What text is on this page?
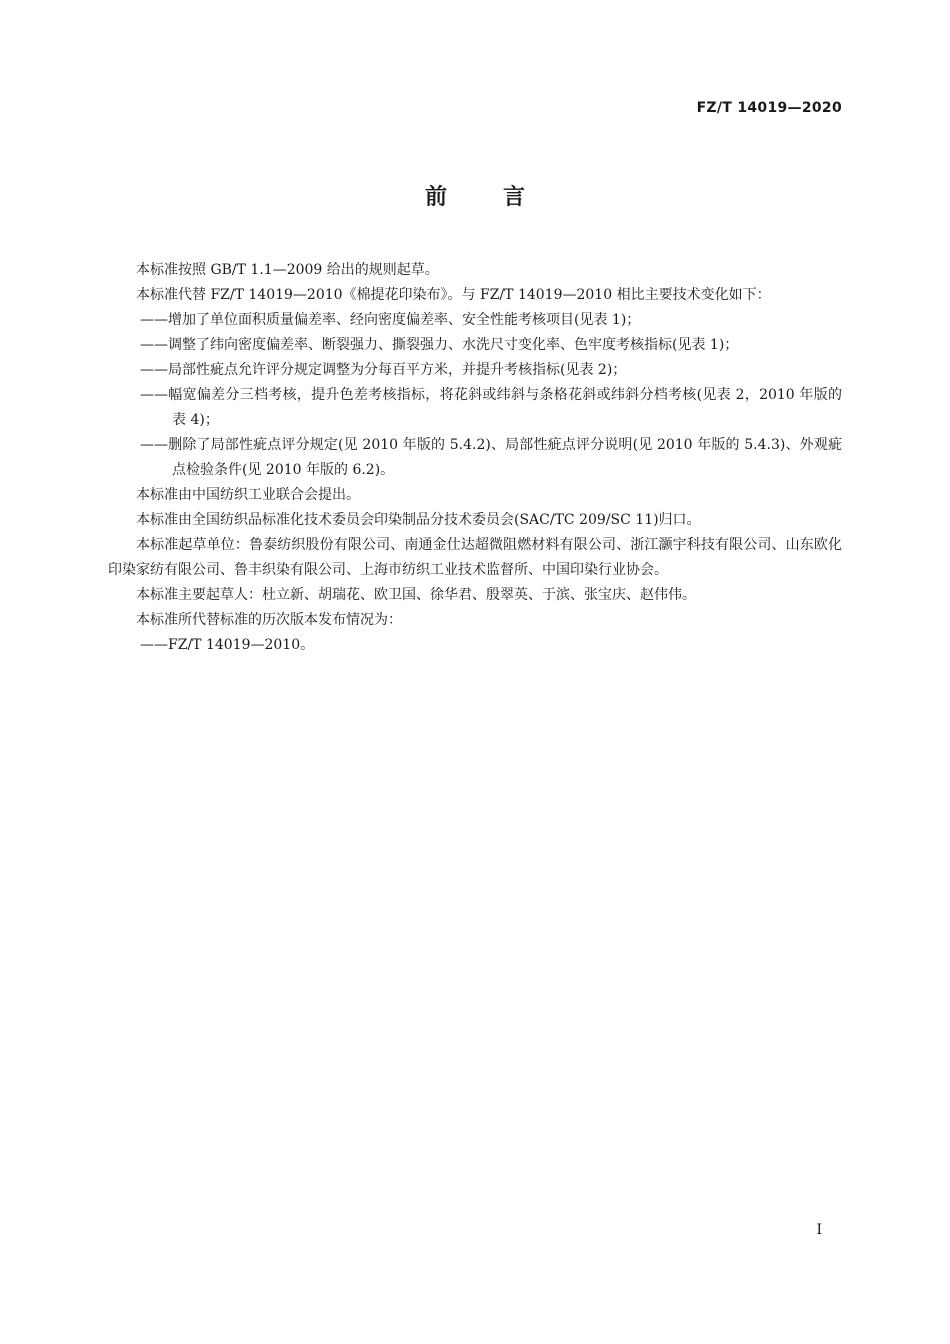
FZ/T 14019—2020
前言

本标准按照 GB/T 1.1—2009 给出的规则起草。

本标准代替 FZ/T 14019—2010《棉提花印染布》。与 FZ/T 14019—2010 相比主要技术变化如下：

——增加了单位面积质量偏差率、经向密度偏差率、安全性能考核项目(见表 1)；

——调整了纬向密度偏差率、断裂强力、撕裂强力、水洗尺寸变化率、色牢度考核指标(见表 1)；

——局部性疵点允许评分规定调整为分每百平方米，并提升考核指标(见表 2)；

——幅宽偏差分三档考核，提升色差考核指标，将花斜或纬斜与条格花斜或纬斜分档考核(见表 2，2010 年版的表 4)；

——删除了局部性疵点评分规定(见 2010 年版的 5.4.2)、局部性疵点评分说明(见 2010 年版的 5.4.3)、外观疵点检验条件(见 2010 年版的 6.2)。

本标准由中国纺织工业联合会提出。

本标准由全国纺织品标准化技术委员会印染制品分技术委员会(SAC/TC 209/SC 11)归口。

本标准起草单位：鲁泰纺织股份有限公司、南通金仕达超微阻燃材料有限公司、浙江灏宇科技有限公司、山东欧化印染家纺有限公司、鲁丰织染有限公司、上海市纺织工业技术监督所、中国印染行业协会。

本标准主要起草人：杜立新、胡瑞花、欧卫国、徐华君、殷翠英、于滨、张宝庆、赵伟伟。

本标准所代替标准的历次版本发布情况为：

——FZ/T 14019—2010。

I
